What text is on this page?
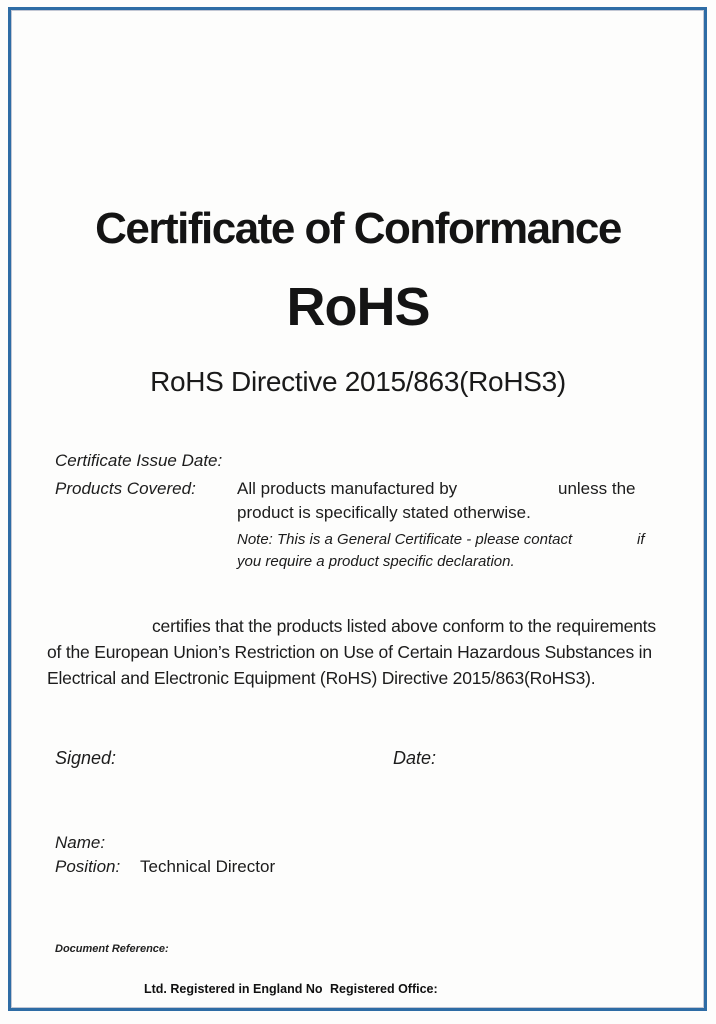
Certificate of Conformance
RoHS
RoHS Directive 2015/863(RoHS3)
Certificate Issue Date:
Products Covered: All products manufactured by	unless the
product is specifically stated otherwise.
Note: This is a General Certificate - please contact	if
you require a product specific declaration.
certifies that the products listed above conform to the requirements
of the European Union’s Restriction on Use of Certain Hazardous Substances in
Electrical and Electronic Equipment (RoHS) Directive 2015/863(RoHS3).
Signed:	Date:
Name:
Position: Technical Director
Document Reference:
Ltd. Registered in England No Registered Office:
